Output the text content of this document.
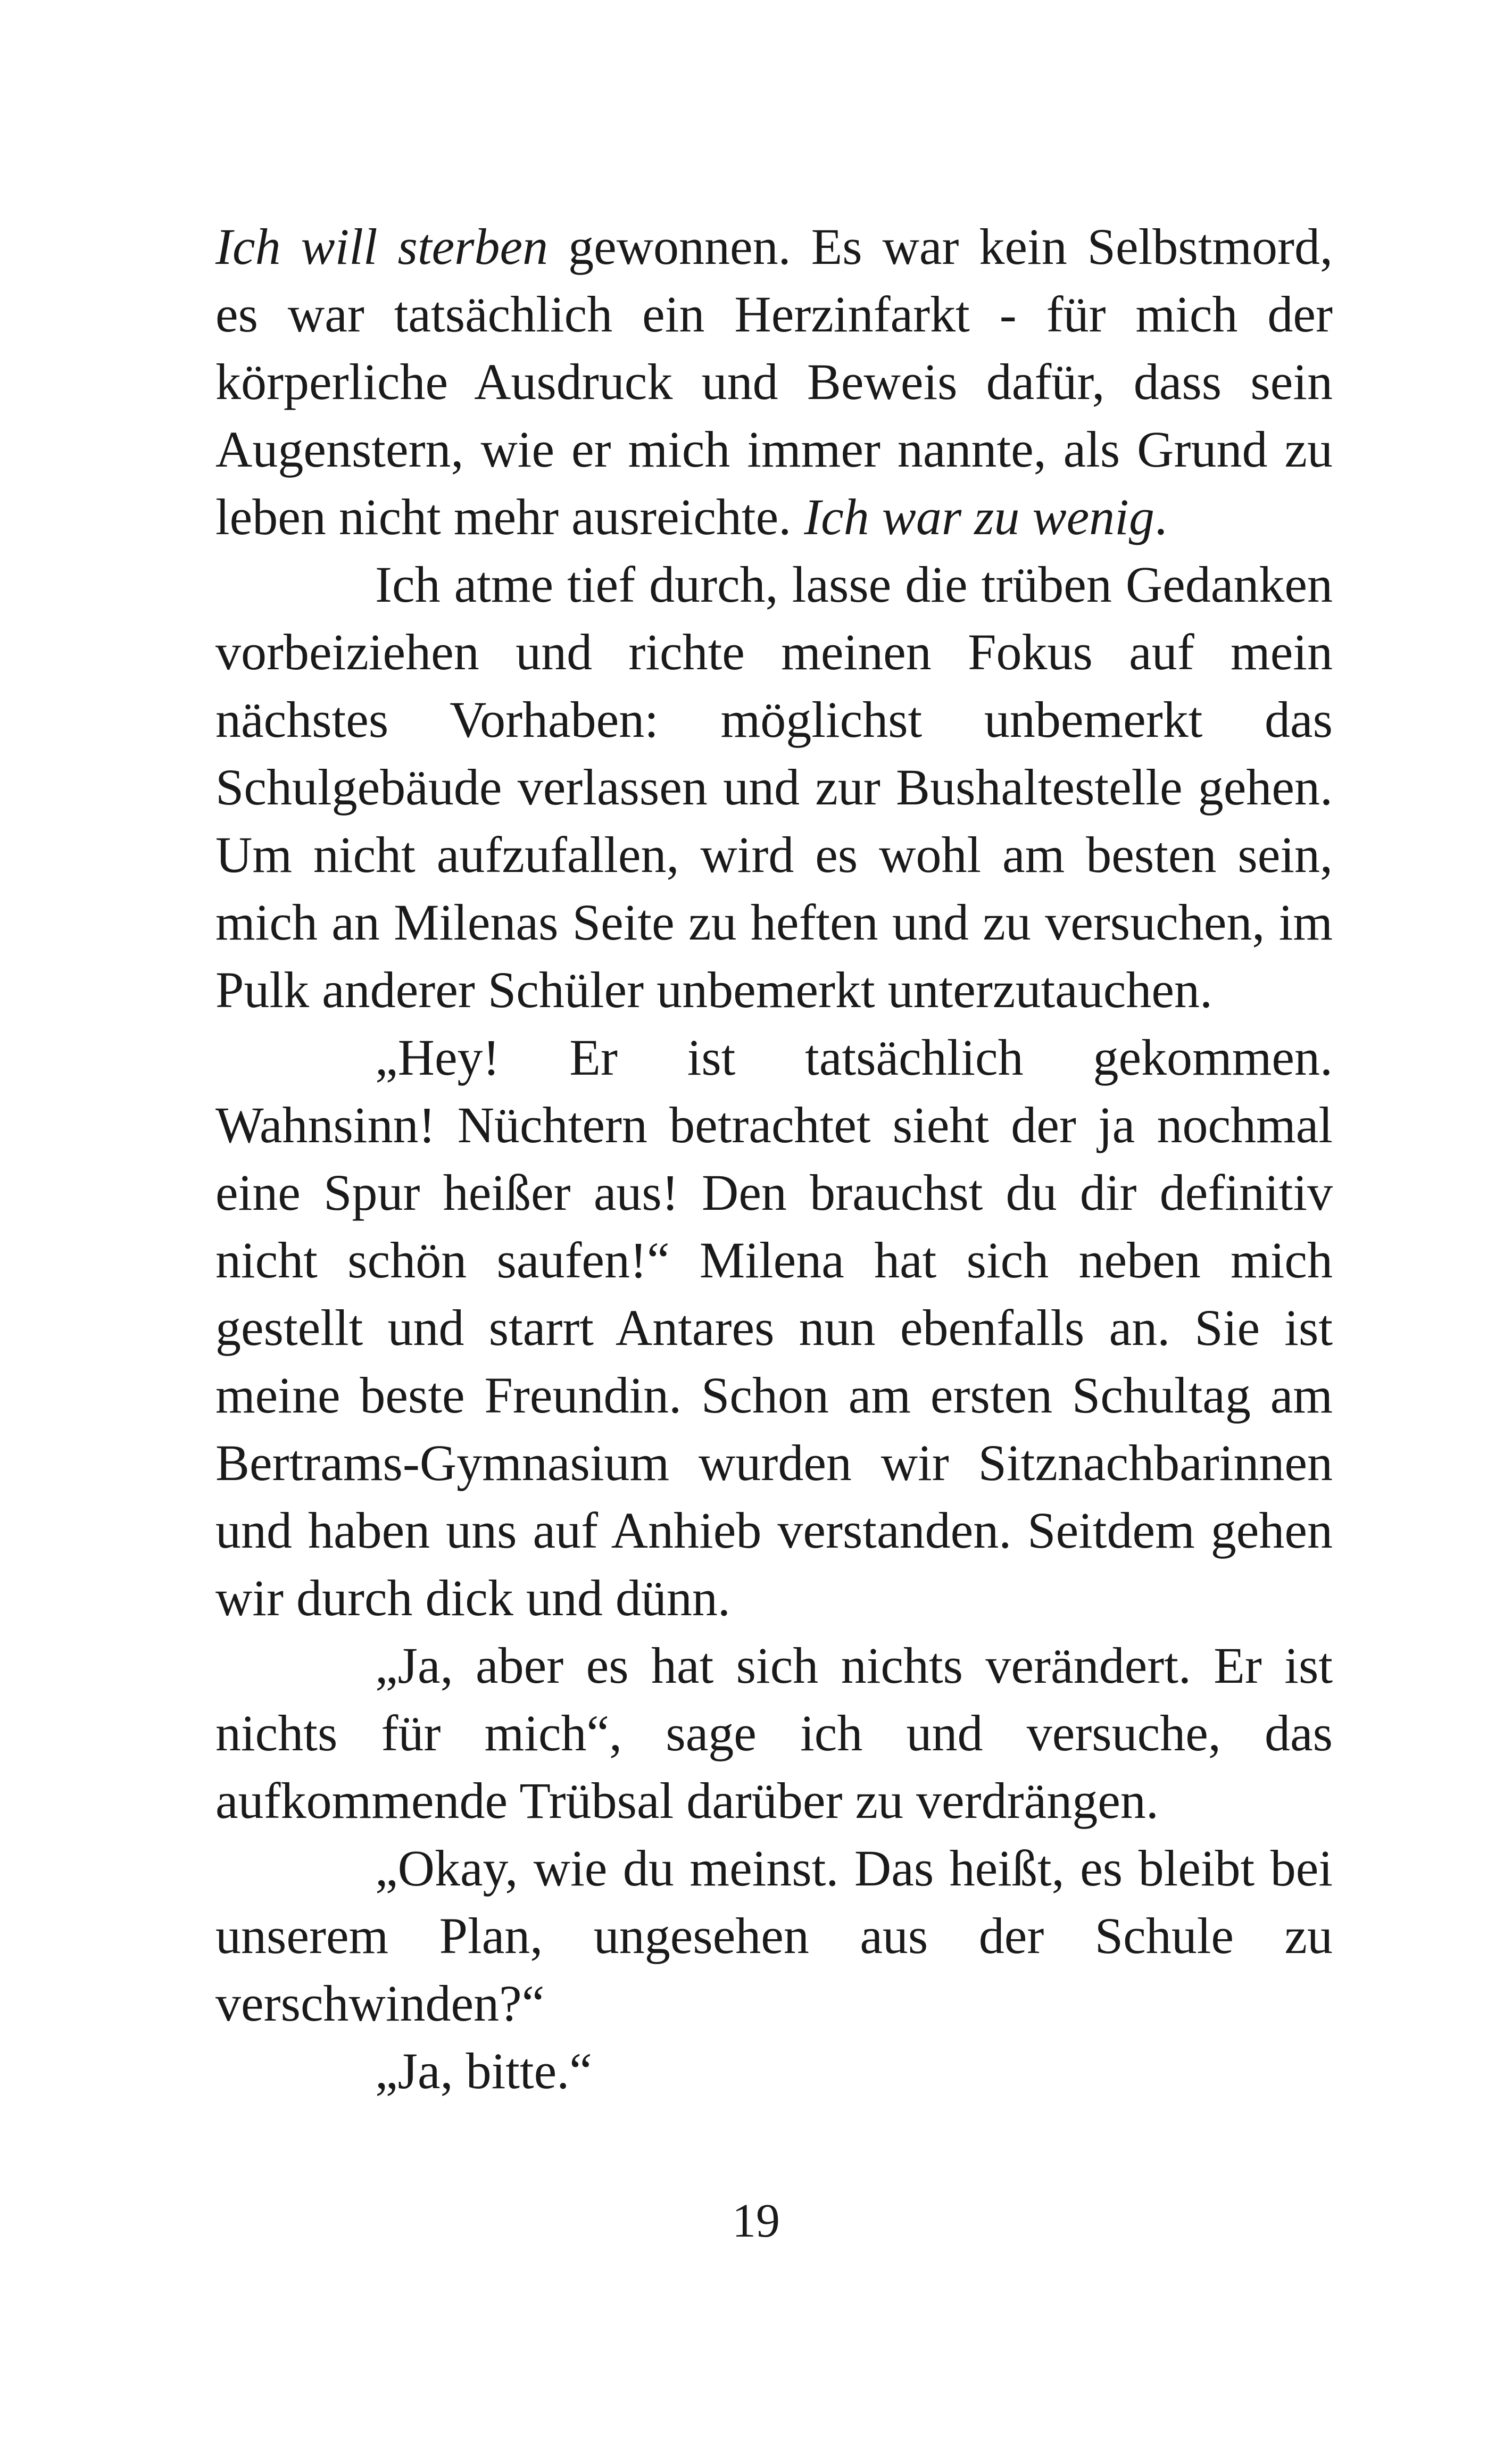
Ich will sterben gewonnen. Es war kein Selbstmord, es war tatsächlich ein Herzinfarkt - für mich der körperliche Ausdruck und Beweis dafür, dass sein Augenstern, wie er mich immer nannte, als Grund zu leben nicht mehr ausreichte. Ich war zu wenig.

Ich atme tief durch, lasse die trüben Gedanken vorbeiziehen und richte meinen Fokus auf mein nächstes Vorhaben: möglichst unbemerkt das Schulgebäude verlassen und zur Bushaltestelle gehen. Um nicht aufzufallen, wird es wohl am besten sein, mich an Milenas Seite zu heften und zu versuchen, im Pulk anderer Schüler unbemerkt unterzutauchen.

„Hey! Er ist tatsächlich gekommen. Wahnsinn! Nüchtern betrachtet sieht der ja nochmal eine Spur heißer aus! Den brauchst du dir definitiv nicht schön saufen!“ Milena hat sich neben mich gestellt und starrt Antares nun ebenfalls an. Sie ist meine beste Freundin. Schon am ersten Schultag am Bertrams-Gymnasium wurden wir Sitznachbarinnen und haben uns auf Anhieb verstanden. Seitdem gehen wir durch dick und dünn.

„Ja, aber es hat sich nichts verändert. Er ist nichts für mich“, sage ich und versuche, das aufkommende Trübsal darüber zu verdrängen.

„Okay, wie du meinst. Das heißt, es bleibt bei unserem Plan, ungesehen aus der Schule zu verschwinden?“

„Ja, bitte.“

19
